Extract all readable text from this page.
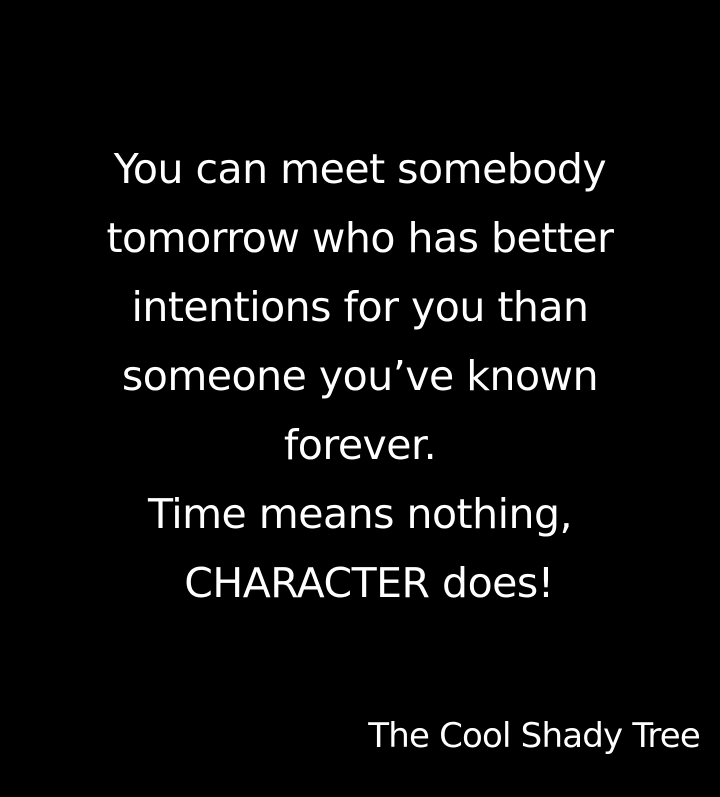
You can meet somebody
tomorrow who has better
intentions for you than
someone you’ve known
forever.
Time means nothing,
CHARACTER does!

The Cool Shady Tree
